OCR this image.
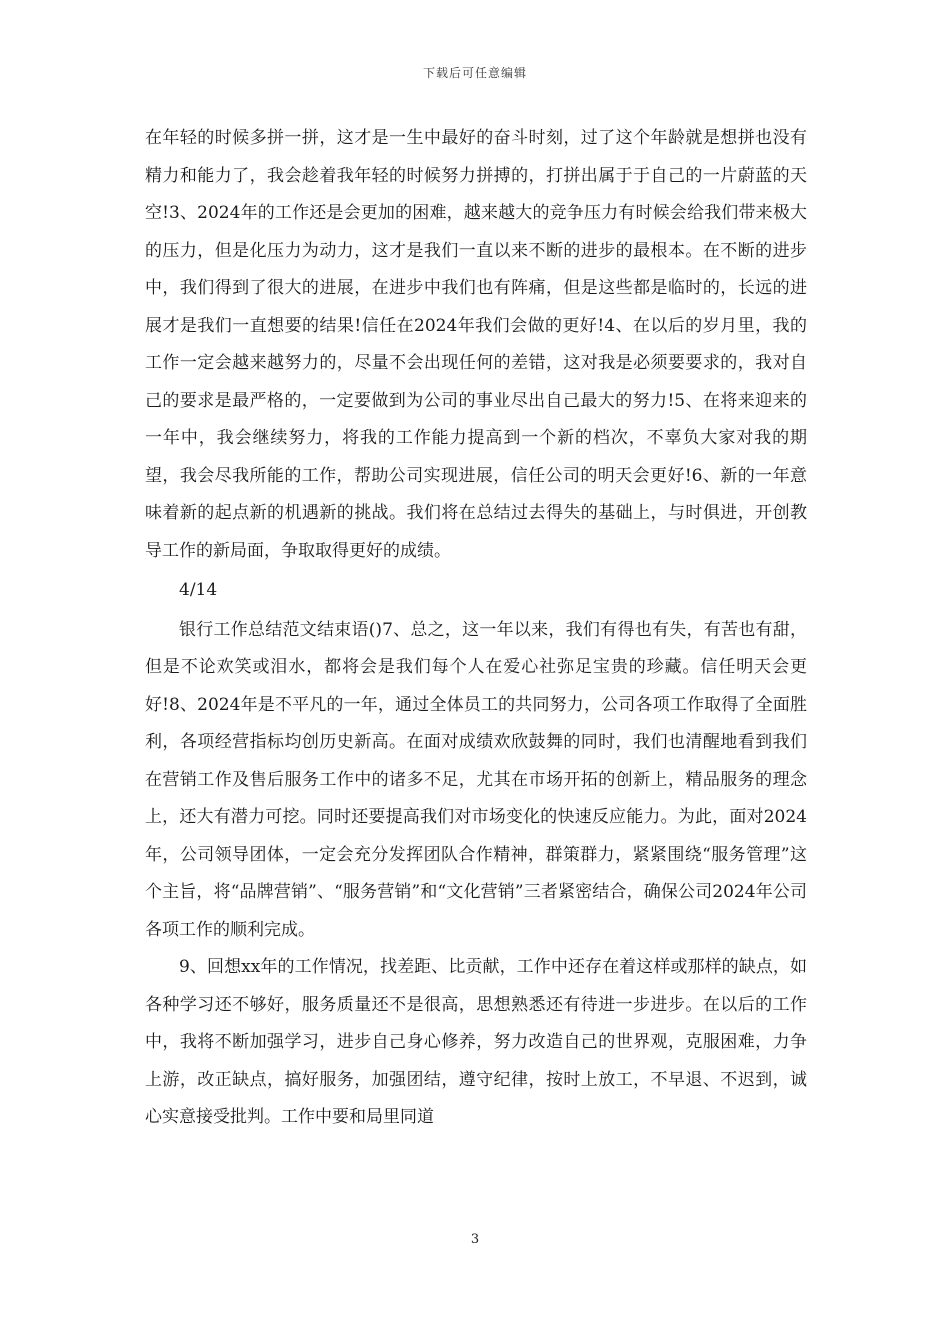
下载后可任意编辑

在年轻的时候多拼一拼，这才是一生中最好的奋斗时刻，过了这个年龄就是想拼也没有精力和能力了，我会趁着我年轻的时候努力拼搏的，打拼出属于于自己的一片蔚蓝的天空!3、2024年的工作还是会更加的困难，越来越大的竞争压力有时候会给我们带来极大的压力，但是化压力为动力，这才是我们一直以来不断的进步的最根本。在不断的进步中，我们得到了很大的进展，在进步中我们也有阵痛，但是这些都是临时的，长远的进展才是我们一直想要的结果!信任在2024年我们会做的更好!4、在以后的岁月里，我的工作一定会越来越努力的，尽量不会出现任何的差错，这对我是必须要要求的，我对自己的要求是最严格的，一定要做到为公司的事业尽出自己最大的努力!5、在将来迎来的一年中，我会继续努力，将我的工作能力提高到一个新的档次，不辜负大家对我的期望，我会尽我所能的工作，帮助公司实现进展，信任公司的明天会更好!6、新的一年意味着新的起点新的机遇新的挑战。我们将在总结过去得失的基础上，与时俱进，开创教导工作的新局面，争取取得更好的成绩。

4/14

银行工作总结范文结束语()7、总之，这一年以来，我们有得也有失，有苦也有甜，但是不论欢笑或泪水，都将会是我们每个人在爱心社弥足宝贵的珍藏。信任明天会更好!8、2024年是不平凡的一年，通过全体员工的共同努力，公司各项工作取得了全面胜利，各项经营指标均创历史新高。在面对成绩欢欣鼓舞的同时，我们也清醒地看到我们在营销工作及售后服务工作中的诸多不足，尤其在市场开拓的创新上，精品服务的理念上，还大有潜力可挖。同时还要提高我们对市场变化的快速反应能力。为此，面对2024年，公司领导团体，一定会充分发挥团队合作精神，群策群力，紧紧围绕“服务管理”这个主旨，将“品牌营销”、“服务营销”和“文化营销”三者紧密结合，确保公司2024年公司各项工作的顺利完成。

9、回想xx年的工作情况，找差距、比贡献，工作中还存在着这样或那样的缺点，如各种学习还不够好，服务质量还不是很高，思想熟悉还有待进一步进步。在以后的工作中，我将不断加强学习，进步自己身心修养，努力改造自己的世界观，克服困难，力争上游，改正缺点，搞好服务，加强团结，遵守纪律，按时上放工，不早退、不迟到，诚心实意接受批判。工作中要和局里同道

3
